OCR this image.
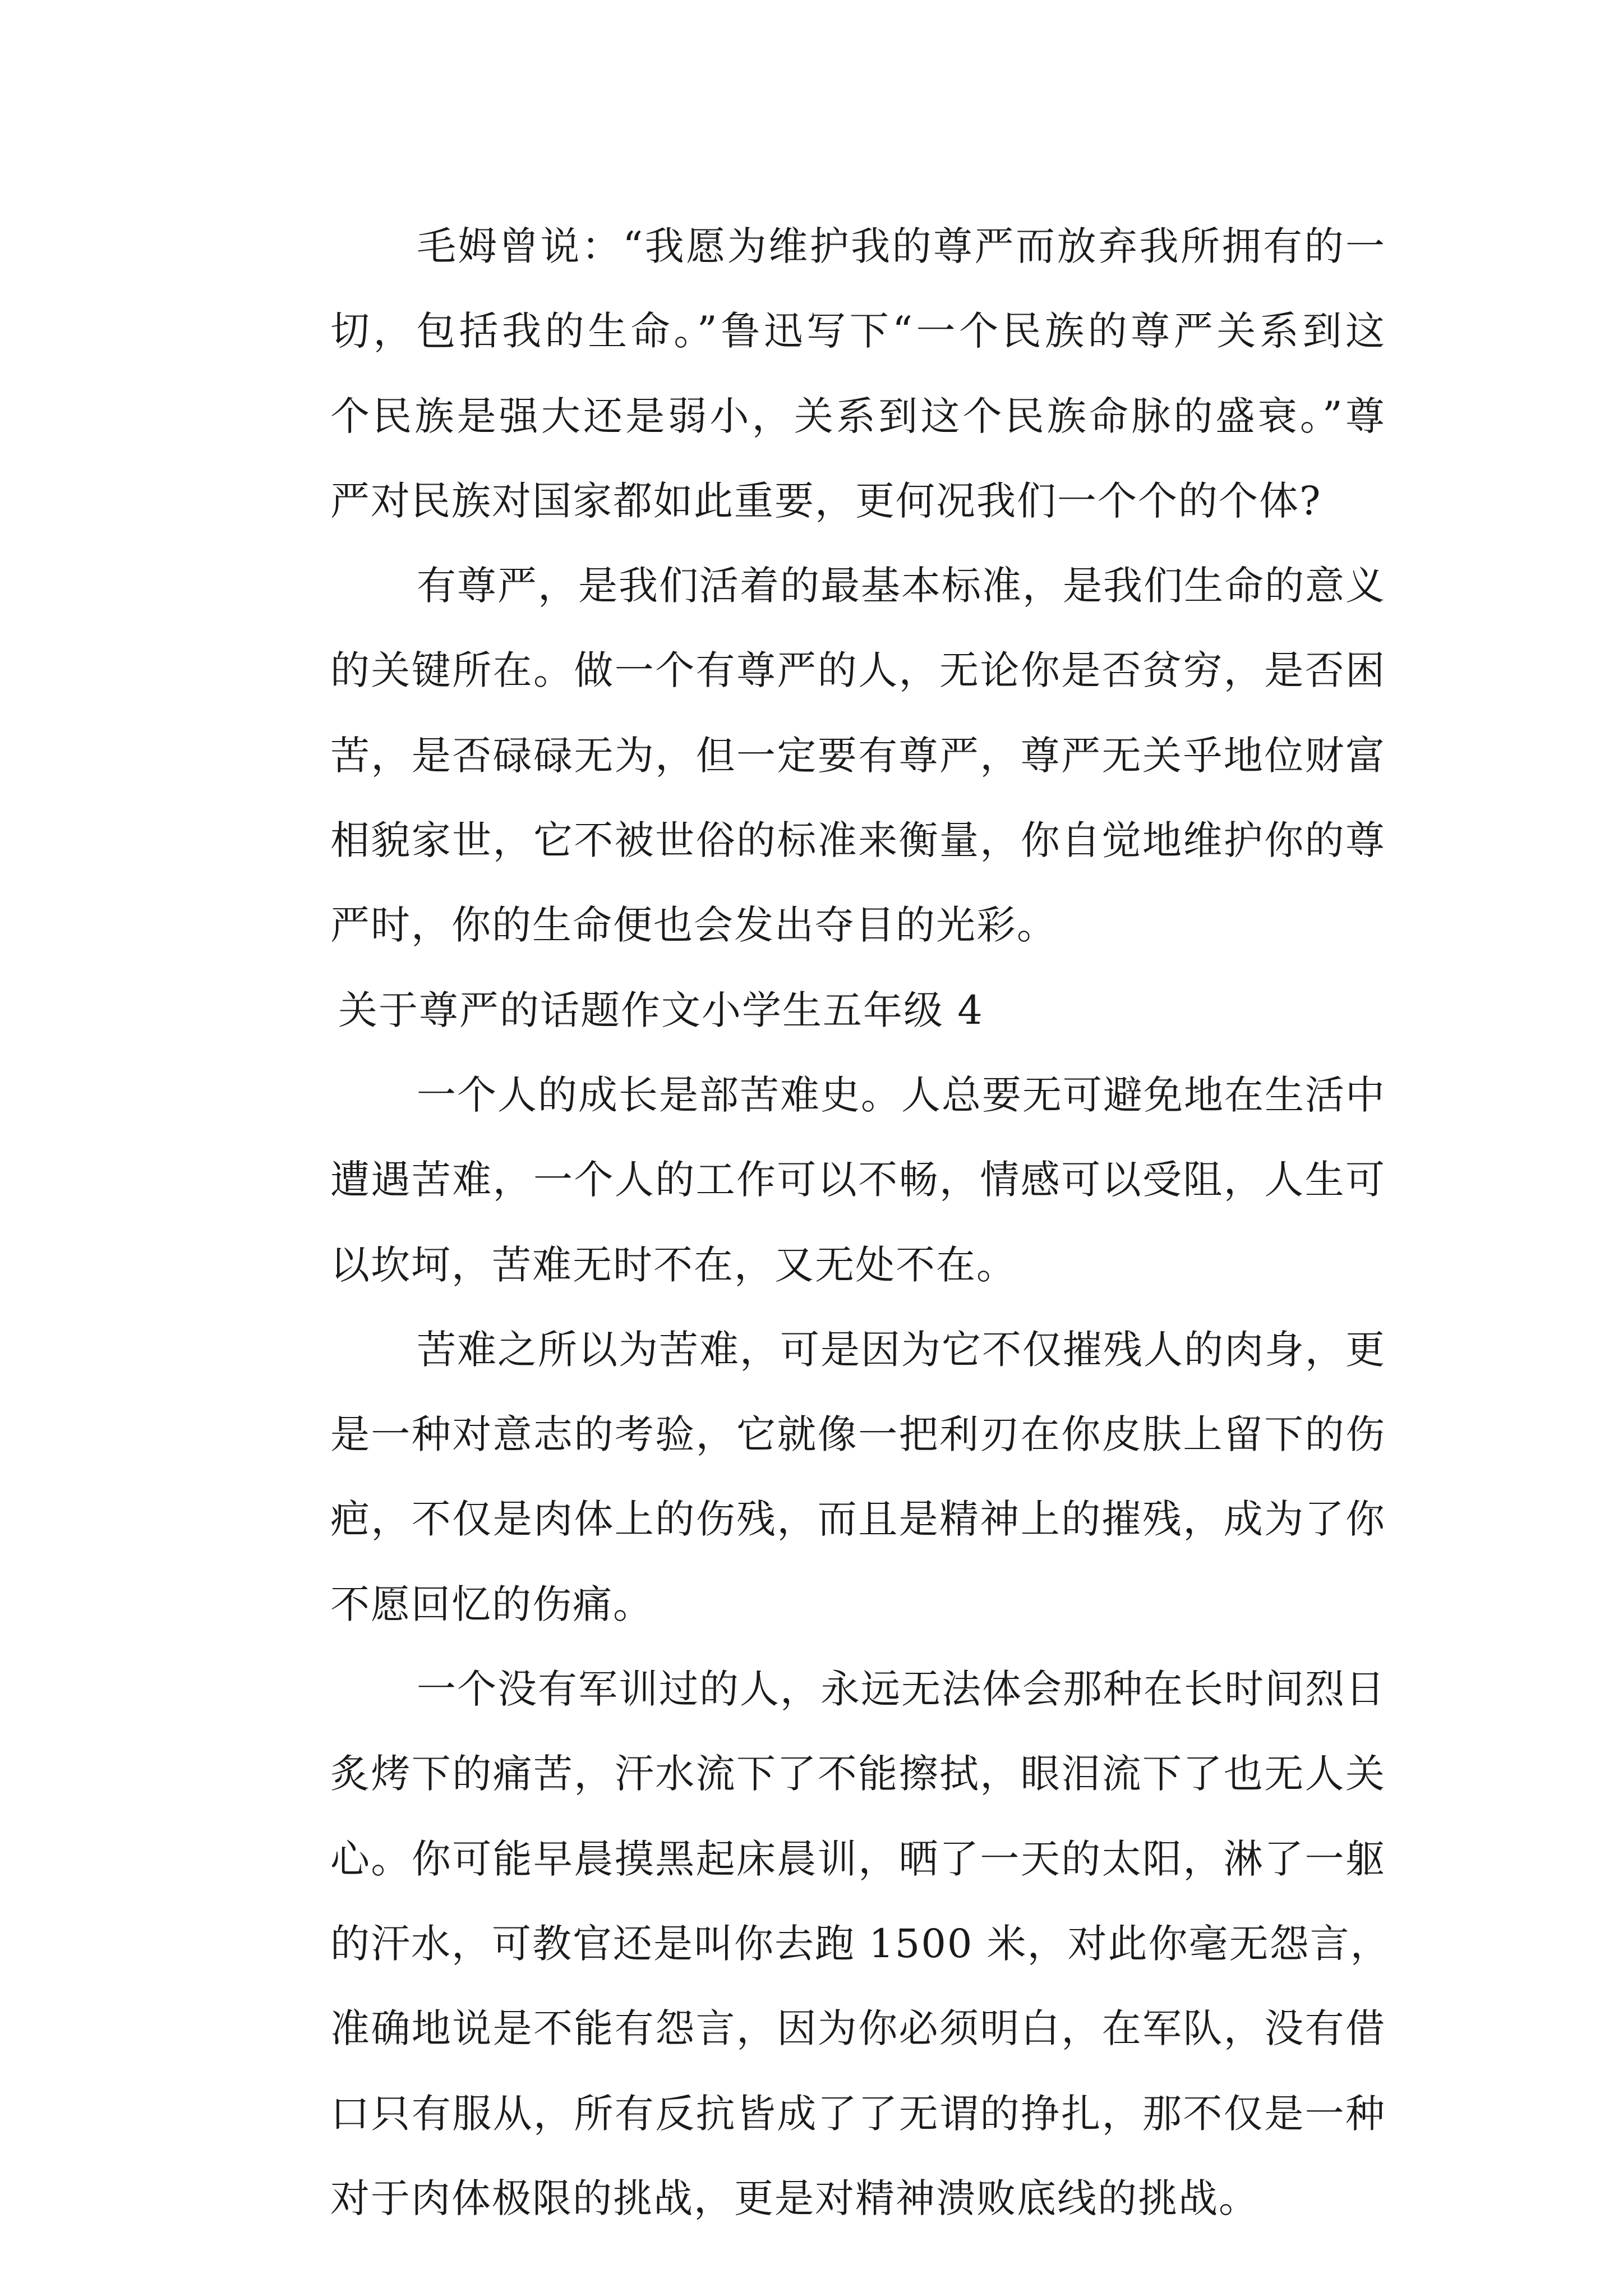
毛姆曾说：“我愿为维护我的尊严而放弃我所拥有的一
切，包括我的生命。”鲁迅写下“一个民族的尊严关系到这
个民族是强大还是弱小，关系到这个民族命脉的盛衰。”尊
严对民族对国家都如此重要，更何况我们一个个的个体?
有尊严，是我们活着的最基本标准，是我们生命的意义
的关键所在。做一个有尊严的人，无论你是否贫穷，是否困
苦，是否碌碌无为，但一定要有尊严，尊严无关乎地位财富
相貌家世，它不被世俗的标准来衡量，你自觉地维护你的尊
严时，你的生命便也会发出夺目的光彩。
关于尊严的话题作文小学生五年级 4
一个人的成长是部苦难史。人总要无可避免地在生活中
遭遇苦难，一个人的工作可以不畅，情感可以受阻，人生可
以坎坷，苦难无时不在，又无处不在。
苦难之所以为苦难，可是因为它不仅摧残人的肉身，更
是一种对意志的考验，它就像一把利刃在你皮肤上留下的伤
疤，不仅是肉体上的伤残，而且是精神上的摧残，成为了你
不愿回忆的伤痛。
一个没有军训过的人，永远无法体会那种在长时间烈日
炙烤下的痛苦，汗水流下了不能擦拭，眼泪流下了也无人关
心。你可能早晨摸黑起床晨训，晒了一天的太阳，淋了一躯
的汗水，可教官还是叫你去跑 1500 米，对此你毫无怨言，
准确地说是不能有怨言，因为你必须明白，在军队，没有借
口只有服从，所有反抗皆成了了无谓的挣扎，那不仅是一种
对于肉体极限的挑战，更是对精神溃败底线的挑战。
